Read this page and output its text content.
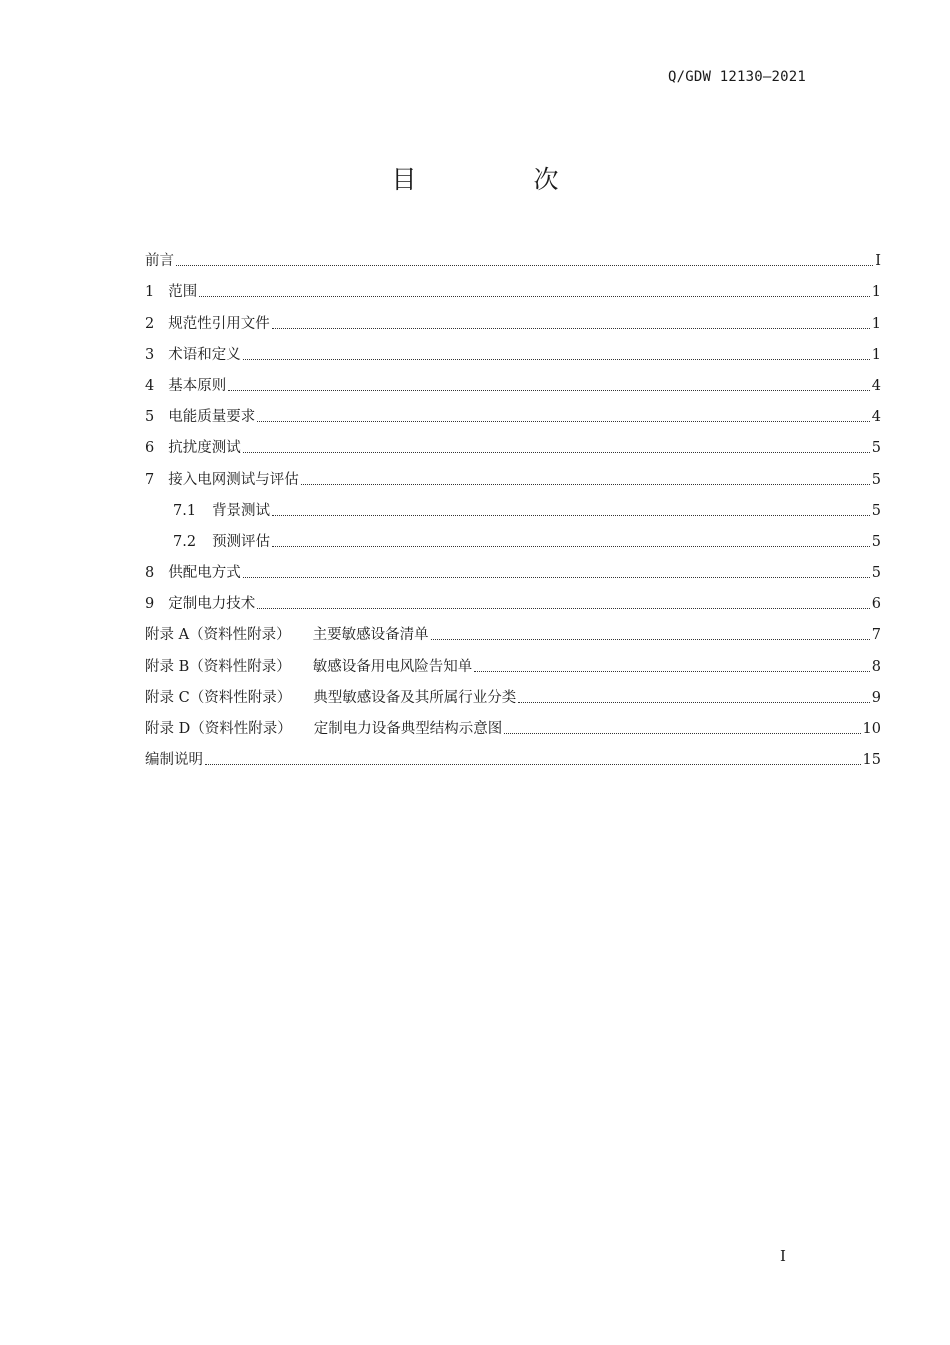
Q/GDW 12130—2021
目　次
前言	I
1 范围	1
2 规范性引用文件	1
3 术语和定义	1
4 基本原则	4
5 电能质量要求	4
6 抗扰度测试	5
7 接入电网测试与评估	5
7.1 背景测试	5
7.2 预测评估	5
8 供配电方式	5
9 定制电力技术	6
附录 A（资料性附录） 主要敏感设备清单	7
附录 B（资料性附录） 敏感设备用电风险告知单	8
附录 C（资料性附录） 典型敏感设备及其所属行业分类	9
附录 D（资料性附录） 定制电力设备典型结构示意图	10
编制说明	15
I
